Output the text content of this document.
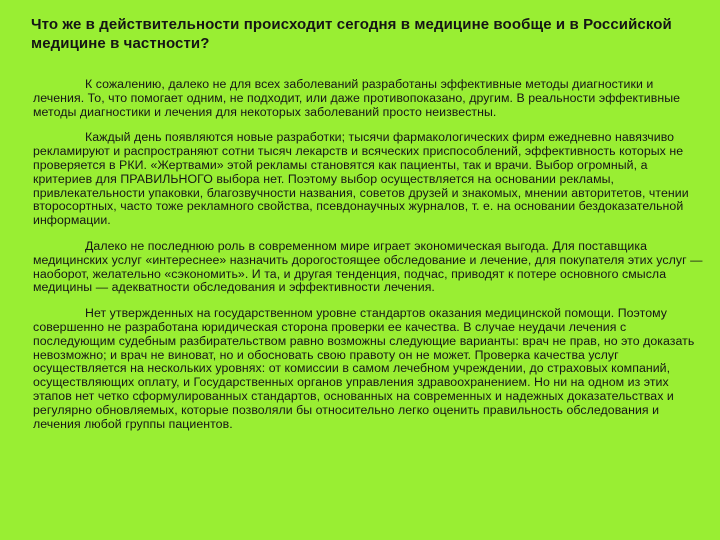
Что же в действительности происходит сегодня в медицине вообще и в Российской медицине в частности?

К сожалению, далеко не для всех заболеваний разработаны эффективные методы диагностики и лечения. То, что помогает одним, не подходит, или даже противопоказано, другим. В реальности эффективные методы диагностики и лечения для некоторых заболеваний просто неизвестны.

Каждый день появляются новые разработки; тысячи фармакологических фирм ежедневно навязчиво рекламируют и распространяют сотни тысяч лекарств и всяческих приспособлений, эффективность которых не проверяется в РКИ. «Жертвами» этой рекламы становятся как пациенты, так и врачи. Выбор огромный, а критериев для ПРАВИЛЬНОГО выбора нет. Поэтому выбор осуществляется на основании рекламы, привлекательности упаковки, благозвучности названия, советов друзей и знакомых, мнении авторитетов, чтении второсортных, часто тоже рекламного свойства, псевдонаучных журналов, т. е. на основании бездоказательной информации.

Далеко не последнюю роль в современном мире играет экономическая выгода. Для поставщика медицинских услуг «интереснее» назначить дорогостоящее обследование и лечение, для покупателя этих услуг — наоборот, желательно «сэкономить». И та, и другая тенденция, подчас, приводят к потере основного смысла медицины — адекватности обследования и эффективности лечения.

Нет утвержденных на государственном уровне стандартов оказания медицинской помощи. Поэтому совершенно не разработана юридическая сторона проверки ее качества. В случае неудачи лечения с последующим судебным разбирательством равно возможны следующие варианты: врач не прав, но это доказать невозможно; и врач не виноват, но и обосновать свою правоту он не может. Проверка качества услуг осуществляется на нескольких уровнях: от комиссии в самом лечебном учреждении, до страховых компаний, осуществляющих оплату, и Государственных органов управления здравоохранением. Но ни на одном из этих этапов нет четко сформулированных стандартов, основанных на современных и надежных доказательствах и регулярно обновляемых, которые позволяли бы относительно легко оценить правильность обследования и лечения любой группы пациентов.
